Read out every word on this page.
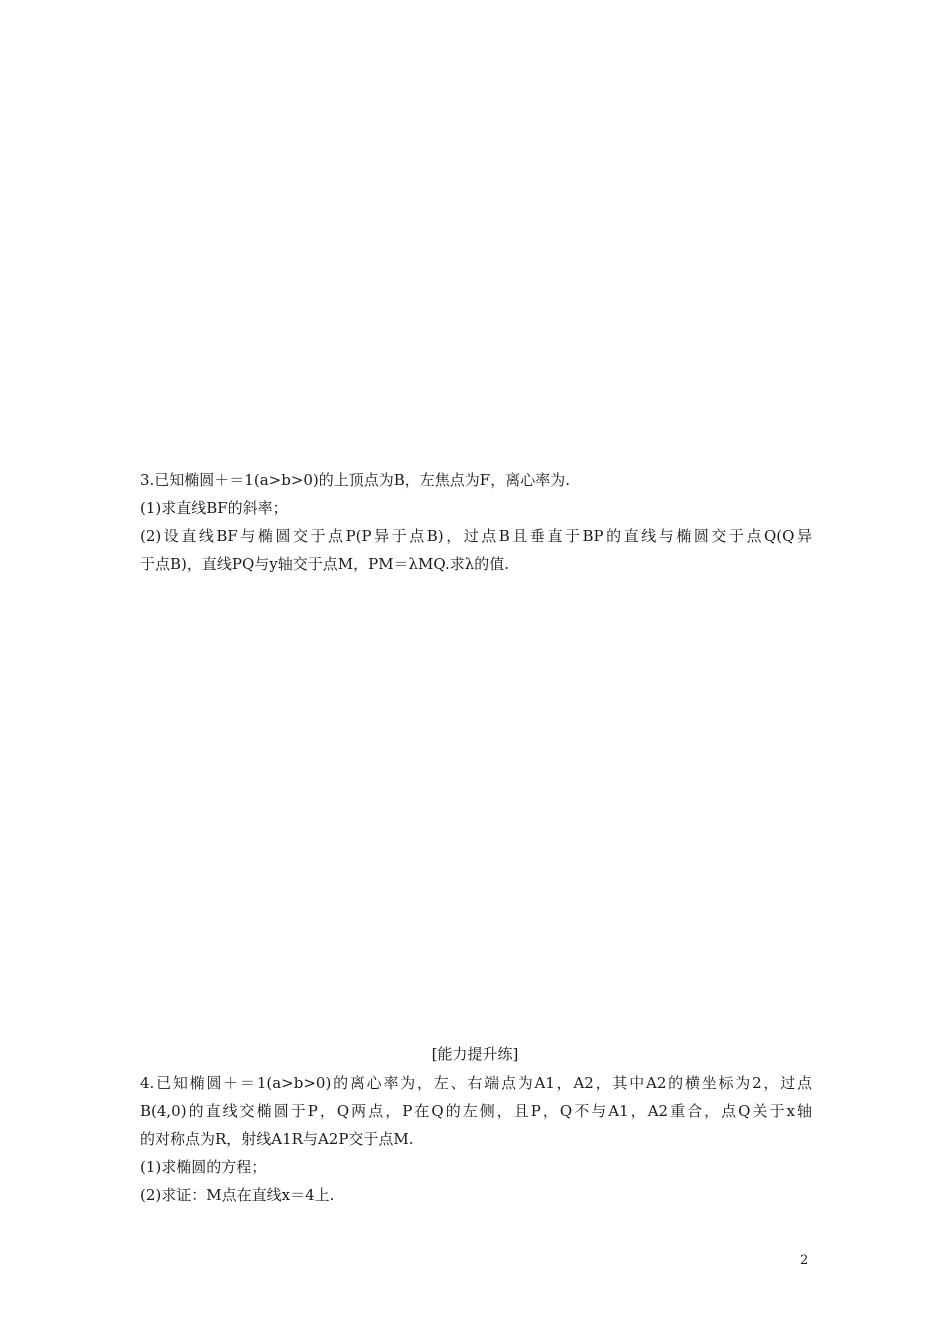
3.已知椭圆＋＝1(a>b>0)的上顶点为B，左焦点为F，离心率为.
(1)求直线BF的斜率；
(2)设直线BF与椭圆交于点P(P异于点B)，过点B且垂直于BP的直线与椭圆交于点Q(Q异
于点B)，直线PQ与y轴交于点M，PM＝λMQ.求λ的值.
[能力提升练]
4.已知椭圆＋＝1(a>b>0)的离心率为，左、右端点为A1，A2，其中A2的横坐标为2，过点
B(4,0)的直线交椭圆于P，Q两点，P在Q的左侧，且P，Q不与A1，A2重合，点Q关于x轴
的对称点为R，射线A1R与A2P交于点M.
(1)求椭圆的方程；
(2)求证：M点在直线x＝4上.
2
